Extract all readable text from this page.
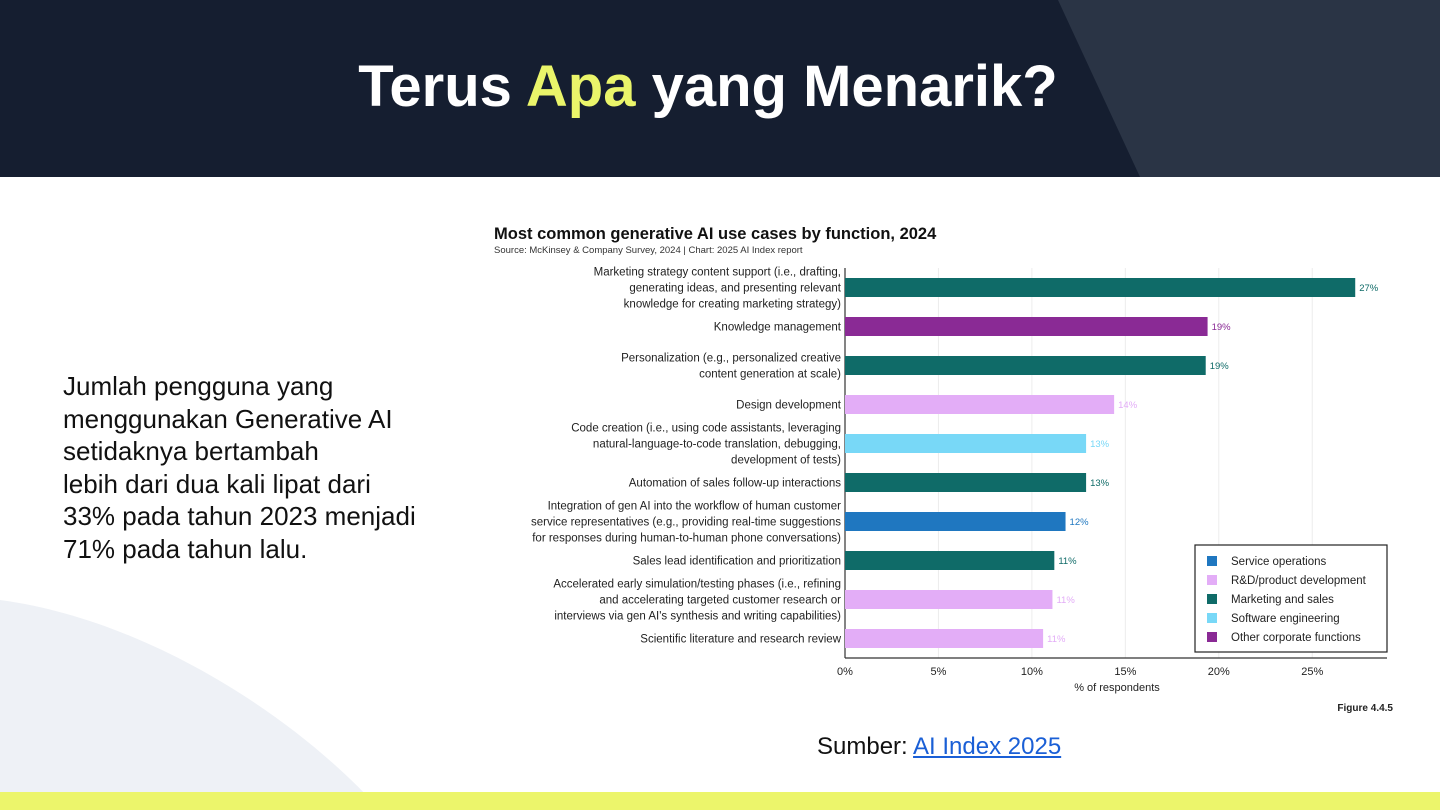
Terus Apa yang Menarik?
Jumlah pengguna yang
menggunakan Generative AI
setidaknya bertambah
lebih dari dua kali lipat dari
33% pada tahun 2023 menjadi
71% pada tahun lalu.
Most common generative AI use cases by function, 2024
Source: McKinsey & Company Survey, 2024 | Chart: 2025 AI Index report
0%	5%	10%	15%	20%	25%
% of respondents
27%
Marketing strategy content support (i.e., drafting,
generating ideas, and presenting relevant
knowledge for creating marketing strategy)
19%
Knowledge management
19%
Personalization (e.g., personalized creative
content generation at scale)
14%
Design development
13%
Code creation (i.e., using code assistants, leveraging
natural-language-to-code translation, debugging,
development of tests)
13%
Automation of sales follow-up interactions
12%
Integration of gen AI into the workflow of human customer
service representatives (e.g., providing real-time suggestions
for responses during human-to-human phone conversations)
11%
Sales lead identification and prioritization
11%
Accelerated early simulation/testing phases (i.e., refining
and accelerating targeted customer research or
interviews via gen AI's synthesis and writing capabilities)
11%
Scientific literature and research review
Service operations
R&D/product development
Marketing and sales
Software engineering
Other corporate functions
Figure 4.4.5
Sumber: AI Index 2025
